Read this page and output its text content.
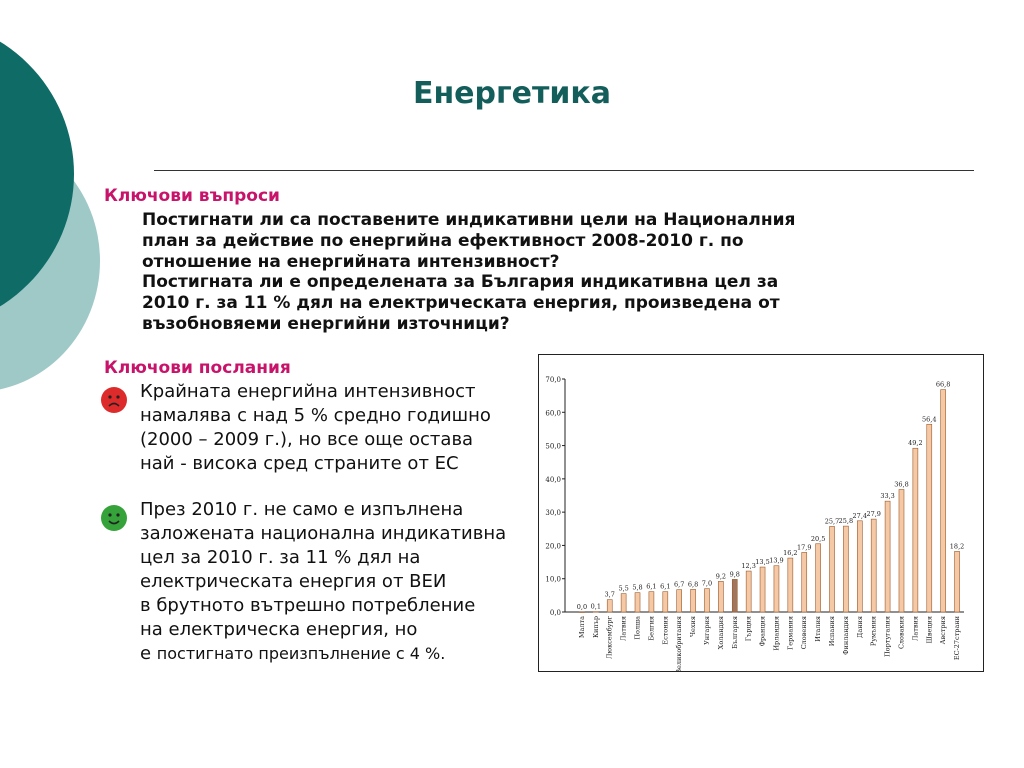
Енергетика
Ключови въпроси
Постигнати ли са поставените индикативни цели на Националния
план за действие по енергийна ефективност 2008-2010 г. по
отношение на енергийната интензивност?
Постигната ли е определената за България индикативна цел за
2010 г. за 11 % дял на електрическата енергия, произведена от
възобновяеми енергийни източници?
Ключови послания
Крайната енергийна интензивност
намалява с над 5 % средно годишно
(2000 – 2009 г.), но все още остава
най - висока сред страните от ЕС
През 2010 г. не само е изпълнена
заложената национална индикативна
цел за 2010 г. за 11 % дял на
електрическата енергия от ВЕИ
в брутното вътрешно потребление
на електрическа енергия, но
е постигнато преизпълнение с 4 %.
0,0
10,0
20,0
30,0
40,0
50,0
60,0
70,0
0,0
Малта
0,1
Кипър
3,7
Люксембург
5,5
Латвия
5,8
Полша
6,1
Белгия
6,1
Естония
6,7
Великобритания
6,8
Чехия
7,0
Унгария
9,2
Холандия
9,8
България
12,3
Гърция
13,5
Франция
13,9
Ирландия
16,2
Германия
17,9
Словения
20,5
Италия
25,7
Испания
25,8
Финландия
27,4
Дания
27,9
Румъния
33,3
Португалия
36,8
Словакия
49,2
Латвия
56,4
Швеция
66,8
Австрия
18,2
ЕС-27страни
